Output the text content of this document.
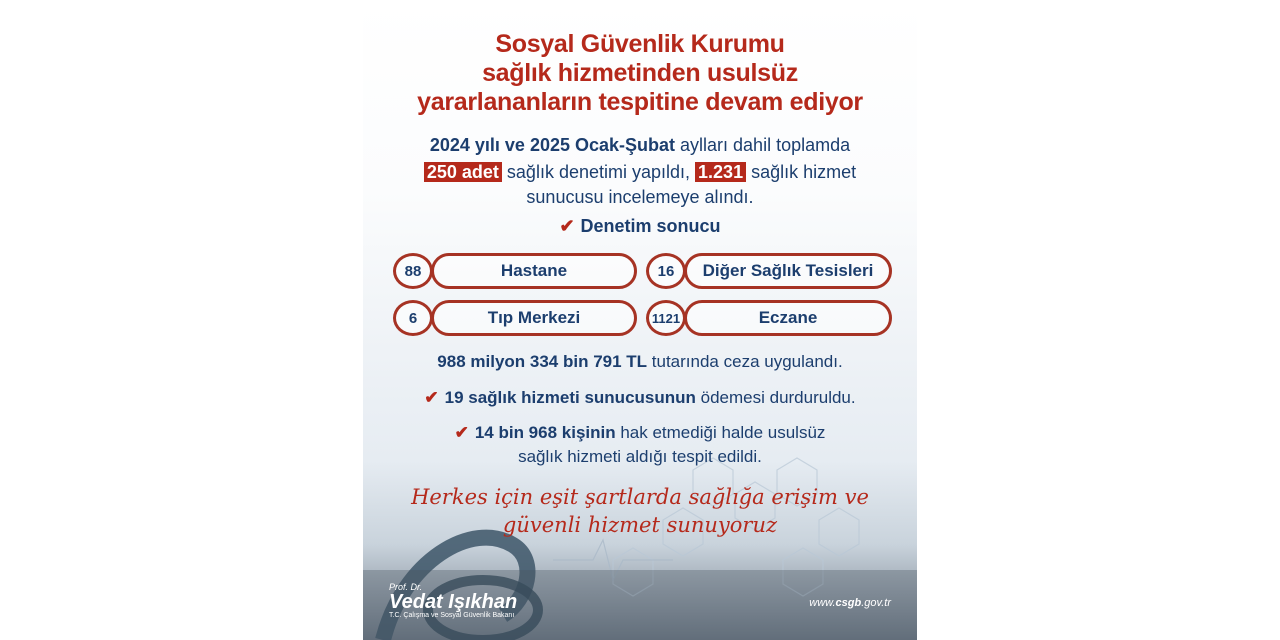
Sosyal Güvenlik Kurumu
sağlık hizmetinden usulsüz
yararlananların tespitine devam ediyor
2024 yılı ve 2025 Ocak-Şubat aylları dahil toplamda
250 adet sağlık denetimi yapıldı, 1.231 sağlık hizmet
sunucusu incelemeye alındı.
✔ Denetim sonucu
Hastane
88	Diğer Sağlık Tesisleri
16
Tıp Merkezi
6	Eczane
1121
988 milyon 334 bin 791 TL tutarında ceza uygulandı.
✔ 19 sağlık hizmeti sunucusunun ödemesi durduruldu.
✔ 14 bin 968 kişinin hak etmediği halde usulsüz
sağlık hizmeti aldığı tespit edildi.
Herkes için eşit şartlarda sağlığa erişim ve
güvenli hizmet sunuyoruz
Prof. Dr.
Vedat Işıkhan
T.C. Çalışma ve Sosyal Güvenlik Bakanı
www.csgb.gov.tr
